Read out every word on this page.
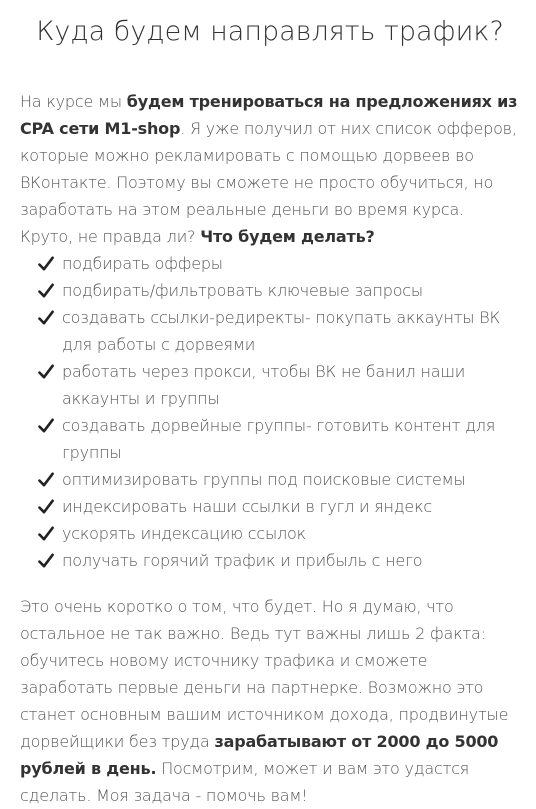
Куда будем направлять трафик?

На курсе мы будем тренироваться на предложениях из CPA сети M1-shop. Я уже получил от них список офферов, которые можно рекламировать с помощью дорвеев во ВКонтакте. Поэтому вы сможете не просто обучиться, но заработать на этом реальные деньги во время курса. Круто, не правда ли? Что будем делать?

подбирать офферы
подбирать/фильтровать ключевые запросы
создавать ссылки-редиректы- покупать аккаунты ВК для работы с дорвеями
работать через прокси, чтобы ВК не банил наши аккаунты и группы
создавать дорвейные группы- готовить контент для группы
оптимизировать группы под поисковые системы
индексировать наши ссылки в гугл и яндекс
ускорять индексацию ссылок
получать горячий трафик и прибыль с него

Это очень коротко о том, что будет. Но я думаю, что остальное не так важно. Ведь тут важны лишь 2 факта: обучитесь новому источнику трафика и сможете заработать первые деньги на партнерке. Возможно это станет основным вашим источником дохода, продвинутые дорвейщики без труда зарабатывают от 2000 до 5000 рублей в день. Посмотрим, может и вам это удастся сделать. Моя задача - помочь вам!
